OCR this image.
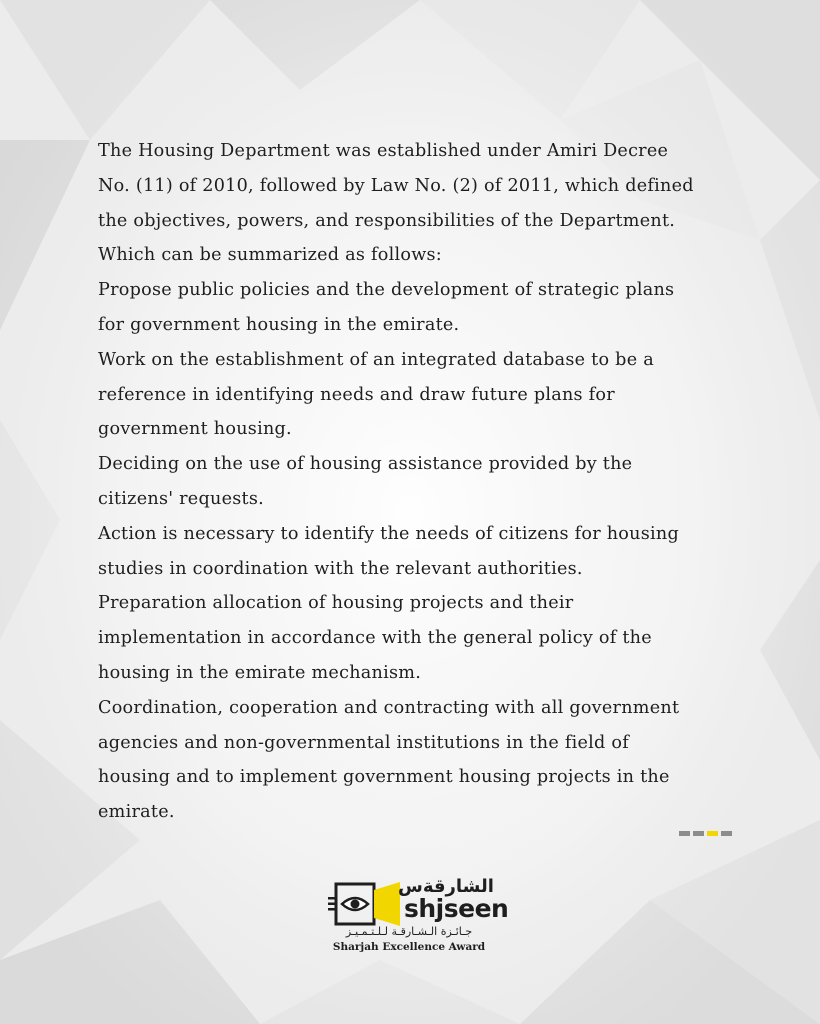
The Housing Department was established under Amiri Decree

No. (11) of 2010, followed by Law No. (2) of 2011, which defined

the objectives, powers, and responsibilities of the Department.

Which can be summarized as follows:

Propose public policies and the development of strategic plans

for government housing in the emirate.

Work on the establishment of an integrated database to be a

reference in identifying needs and draw future plans for

government housing.

Deciding on the use of housing assistance provided by the

citizens' requests.

Action is necessary to identify the needs of citizens for housing

studies in coordination with the relevant authorities.

Preparation allocation of housing projects and their

implementation in accordance with the general policy of the

housing in the emirate mechanism.

Coordination, cooperation and contracting with all government

agencies and non-governmental institutions in the field of

housing and to implement government housing projects in the

emirate.

الشارقةس
shjseen
جـائـزة الـشـارقـة لـلـتـمـيـز
Sharjah Excellence Award
